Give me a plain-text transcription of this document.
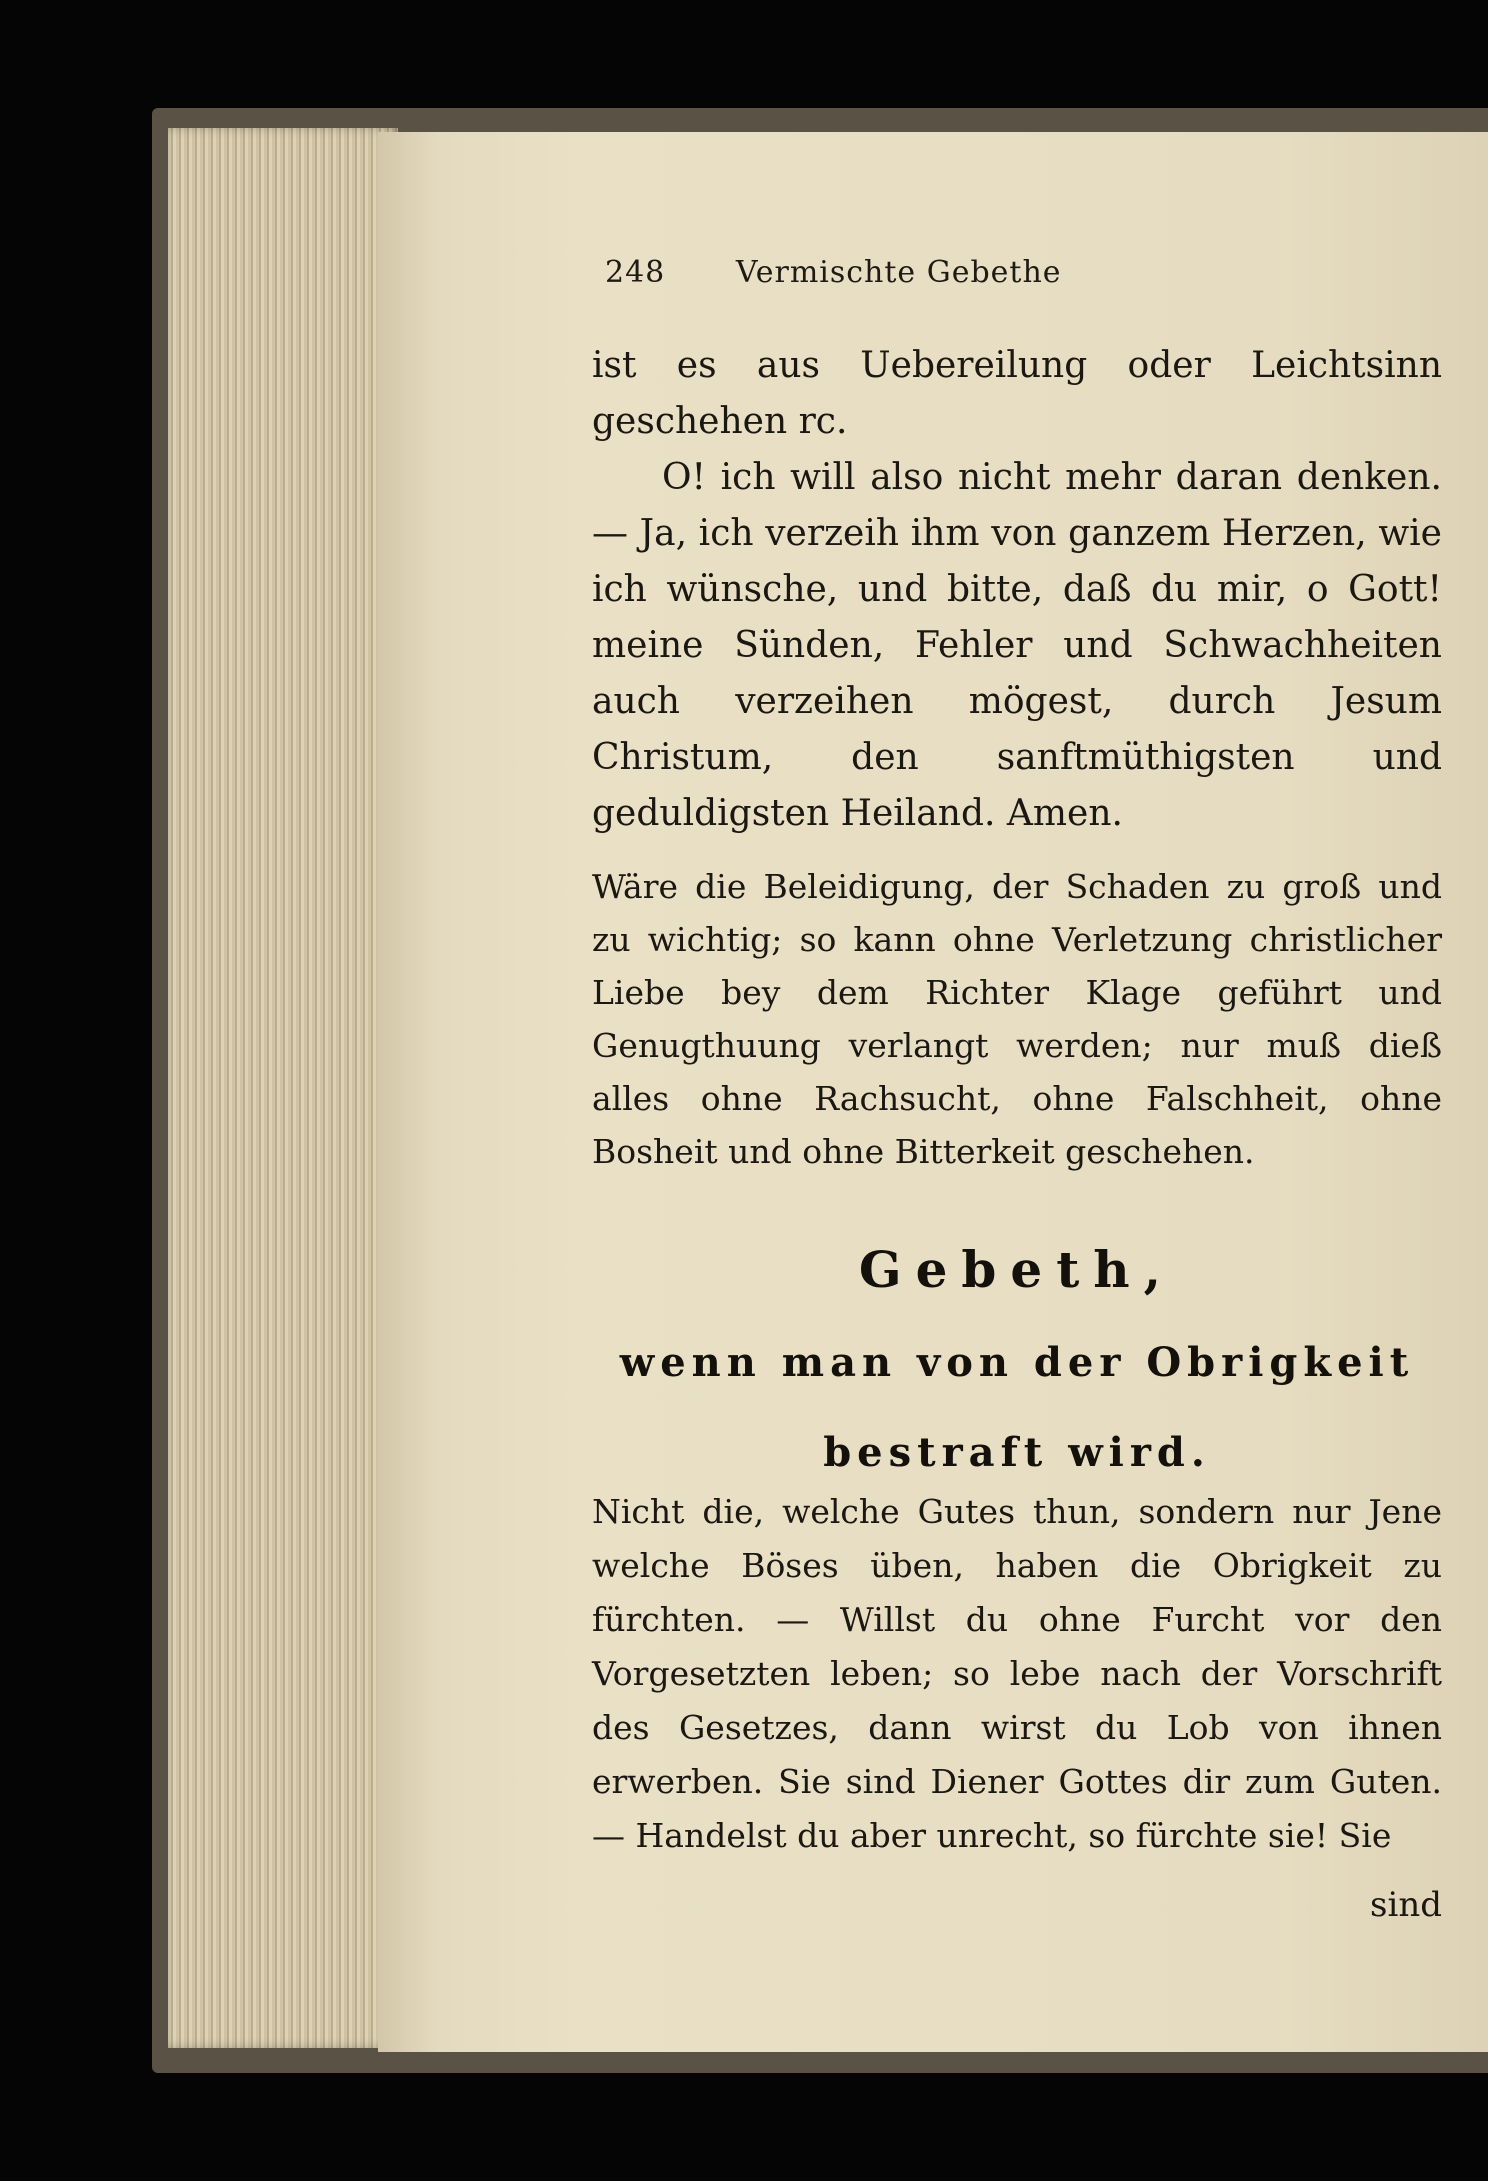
248 Vermischte Gebethe

ist es aus Uebereilung oder Leichtsinn geschehen rc.

O! ich will also nicht mehr daran denken. — Ja, ich verzeih ihm von ganzem Herzen, wie ich wünsche, und bitte, daß du mir, o Gott! meine Sünden, Fehler und Schwachheiten auch verzeihen mögest, durch Jesum Christum, den sanftmüthigsten und geduldigsten Heiland. Amen.

Wäre die Beleidigung, der Schaden zu groß und zu wichtig; so kann ohne Verletzung christlicher Liebe bey dem Richter Klage geführt und Genugthuung verlangt werden; nur muß dieß alles ohne Rachsucht, ohne Falschheit, ohne Bosheit und ohne Bitterkeit geschehen.

Gebeth,
wenn man von der Obrigkeit bestraft wird.

Nicht die, welche Gutes thun, sondern nur Jene welche Böses üben, haben die Obrigkeit zu fürchten. — Willst du ohne Furcht vor den Vorgesetzten leben; so lebe nach der Vorschrift des Gesetzes, dann wirst du Lob von ihnen erwerben. Sie sind Diener Gottes dir zum Guten. — Handelst du aber unrecht, so fürchte sie! Sie

sind
